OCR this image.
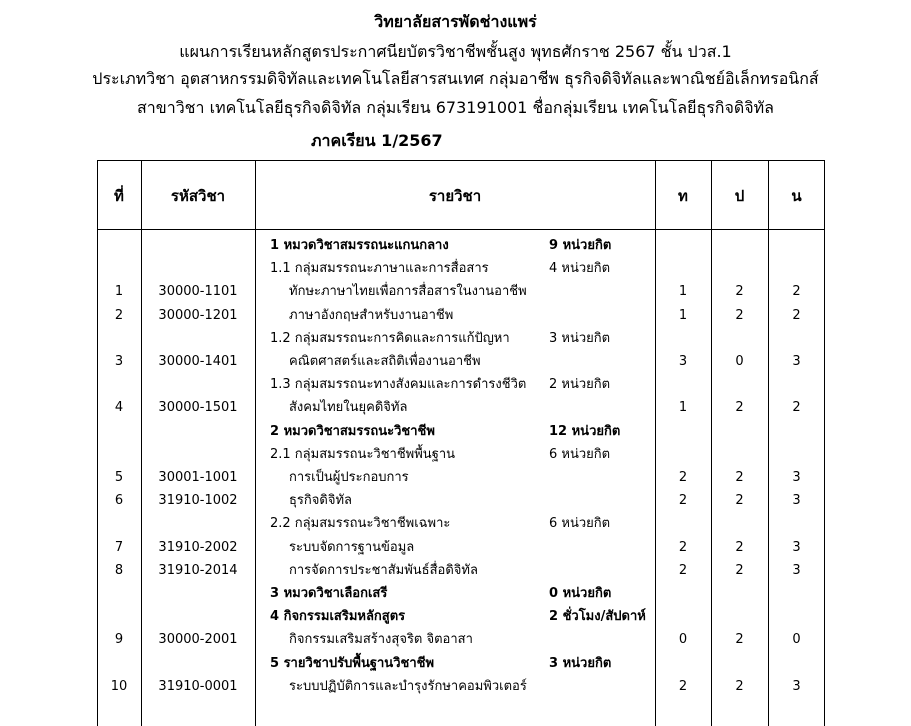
วิทยาลัยสารพัดช่างแพร่
แผนการเรียนหลักสูตรประกาศนียบัตรวิชาชีพชั้นสูง พุทธศักราช 2567 ชั้น ปวส.1
ประเภทวิชา อุตสาหกรรมดิจิทัลและเทคโนโลยีสารสนเทศ กลุ่มอาชีพ ธุรกิจดิจิทัลและพาณิชย์อิเล็กทรอนิกส์
สาขาวิชา เทคโนโลยีธุรกิจดิจิทัล กลุ่มเรียน 673191001 ชื่อกลุ่มเรียน เทคโนโลยีธุรกิจดิจิทัล
ภาคเรียน 1/2567
ที่	รหัสวิชา	รายวิชา	ท	ป	น
1 หมวดวิชาสมรรถนะแกนกลาง	9 หน่วยกิต
1.1 กลุ่มสมรรถนะภาษาและการสื่อสาร	4 หน่วยกิต
1	30000-1101	ทักษะภาษาไทยเพื่อการสื่อสารในงานอาชีพ	1	2	2
2	30000-1201	ภาษาอังกฤษสำหรับงานอาชีพ	1	2	2
1.2 กลุ่มสมรรถนะการคิดและการแก้ปัญหา	3 หน่วยกิต
3	30000-1401	คณิตศาสตร์และสถิติเพื่องานอาชีพ	3	0	3
1.3 กลุ่มสมรรถนะทางสังคมและการดำรงชีวิต 2 หน่วยกิต
4	30000-1501	สังคมไทยในยุคดิจิทัล	1	2	2
2 หมวดวิชาสมรรถนะวิชาชีพ	12 หน่วยกิต
2.1 กลุ่มสมรรถนะวิชาชีพพื้นฐาน	6 หน่วยกิต
5	30001-1001	การเป็นผู้ประกอบการ	2	2	3
6	31910-1002	ธุรกิจดิจิทัล	2	2	3
2.2 กลุ่มสมรรถนะวิชาชีพเฉพาะ	6 หน่วยกิต
7	31910-2002	ระบบจัดการฐานข้อมูล	2	2	3
8	31910-2014	การจัดการประชาสัมพันธ์สื่อดิจิทัล	2	2	3
3 หมวดวิชาเลือกเสรี	0 หน่วยกิต
4 กิจกรรมเสริมหลักสูตร	2 ชั่วโมง/สัปดาห์
9	30000-2001	กิจกรรมเสริมสร้างสุจริต จิตอาสา	0	2	0
5 รายวิชาปรับพื้นฐานวิชาชีพ	3 หน่วยกิต
10	31910-0001	ระบบปฏิบัติการและบำรุงรักษาคอมพิวเตอร์	2	2	3
